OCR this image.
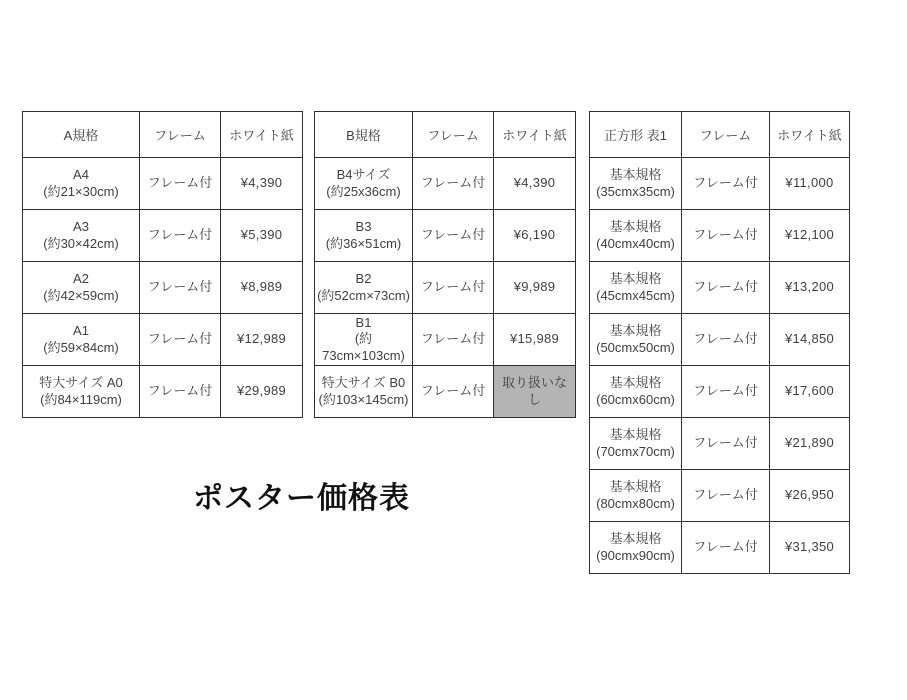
A規格	フレーム	ホワイト紙

A4
(約21×30cm)	フレーム付	¥4,390

A3
(約30×42cm)	フレーム付	¥5,390

A2
(約42×59cm)	フレーム付	¥8,989

A1
(約59×84cm)	フレーム付	¥12,989

特大サイズ A0
(約84×119cm)	フレーム付	¥29,989
B規格	フレーム	ホワイト紙

B4サイズ
(約25x36cm)	フレーム付	¥4,390

B3
(約36×51cm)	フレーム付	¥6,190

B2
(約52cm×73cm)	フレーム付	¥9,989

B1
(約73cm×103cm)	フレーム付	¥15,989

特大サイズ B0
(約103×145cm)	フレーム付	取り扱いなし
正方形 表1	フレーム	ホワイト紙

基本規格
(35cmx35cm)	フレーム付	¥11,000

基本規格
(40cmx40cm)	フレーム付	¥12,100

基本規格
(45cmx45cm)	フレーム付	¥13,200

基本規格
(50cmx50cm)	フレーム付	¥14,850

基本規格
(60cmx60cm)	フレーム付	¥17,600

基本規格
(70cmx70cm)	フレーム付	¥21,890

基本規格
(80cmx80cm)	フレーム付	¥26,950

基本規格
(90cmx90cm)	フレーム付	¥31,350
ポスター価格表
